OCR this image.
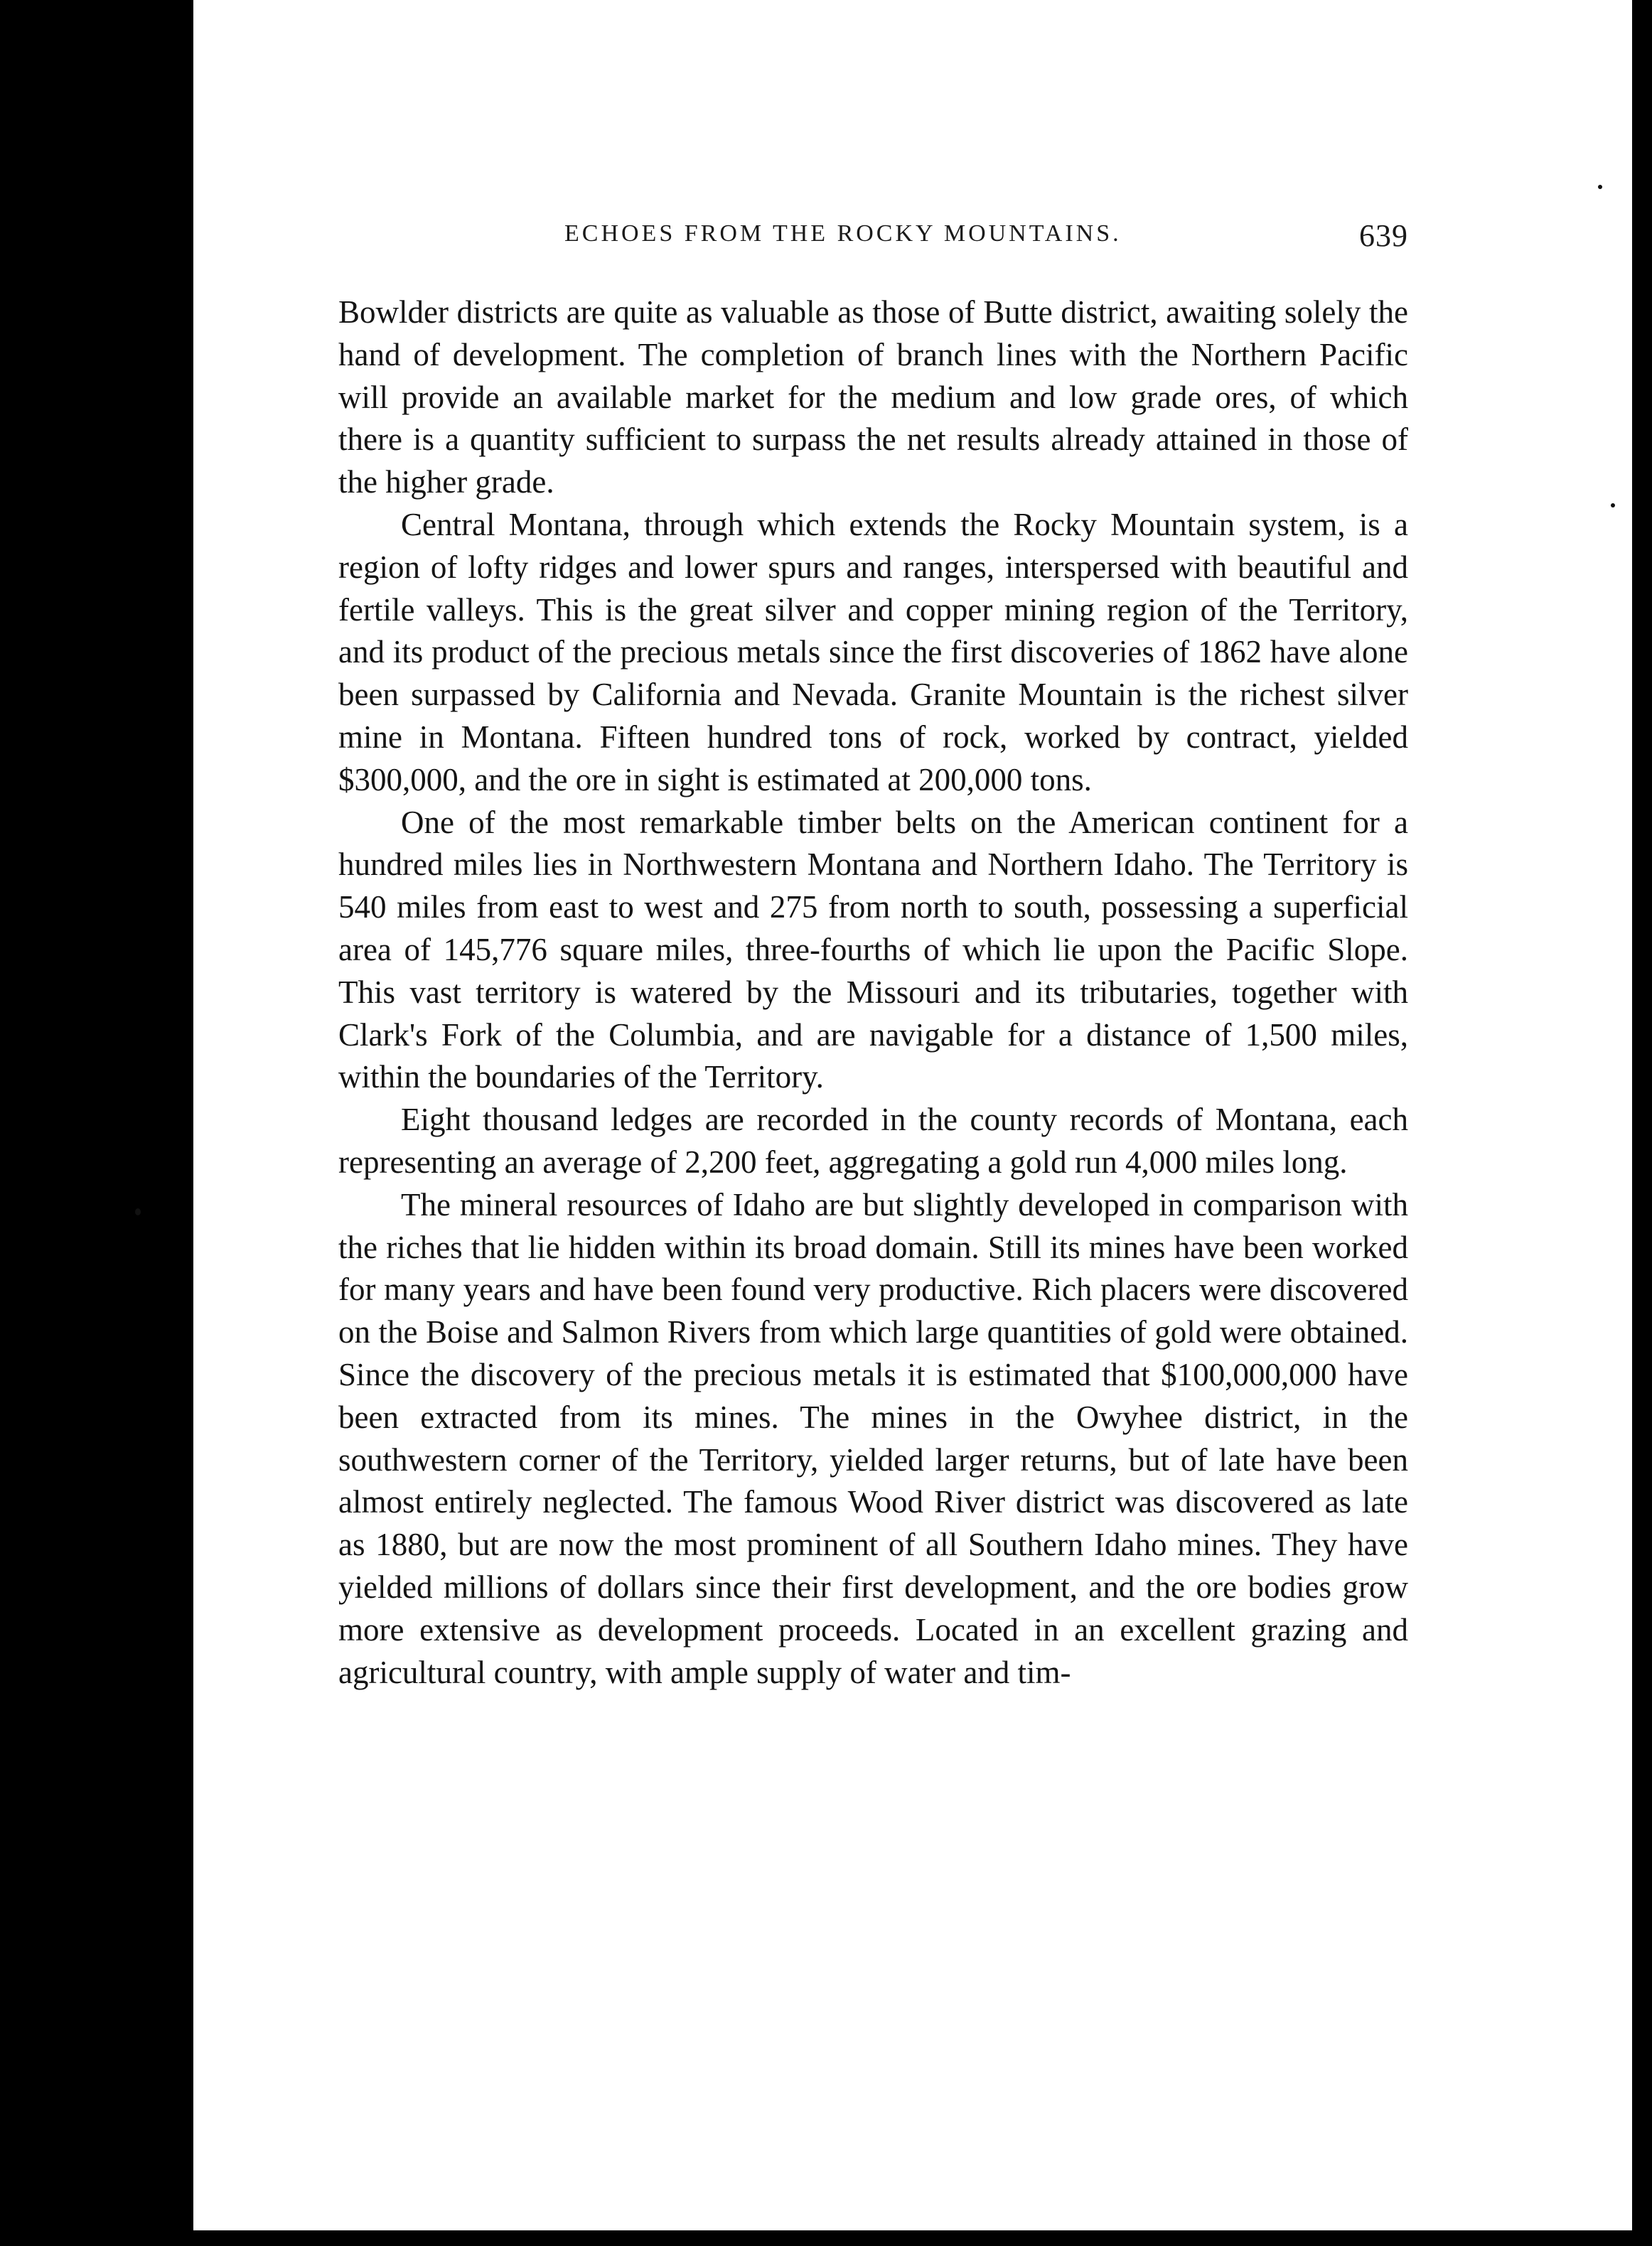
ECHOES FROM THE ROCKY MOUNTAINS.	639

Bowlder districts are quite as valuable as those of Butte district, awaiting solely the hand of development. The completion of branch lines with the Northern Pacific will provide an available market for the medium and low grade ores, of which there is a quantity sufficient to surpass the net results already attained in those of the higher grade.

Central Montana, through which extends the Rocky Mountain system, is a region of lofty ridges and lower spurs and ranges, interspersed with beautiful and fertile valleys. This is the great silver and copper mining region of the Territory, and its product of the precious metals since the first discoveries of 1862 have alone been surpassed by California and Nevada. Granite Mountain is the richest silver mine in Montana. Fifteen hundred tons of rock, worked by contract, yielded $300,000, and the ore in sight is estimated at 200,000 tons.

One of the most remarkable timber belts on the American continent for a hundred miles lies in Northwestern Montana and Northern Idaho. The Territory is 540 miles from east to west and 275 from north to south, possessing a superficial area of 145,776 square miles, three-fourths of which lie upon the Pacific Slope. This vast territory is watered by the Missouri and its tributaries, together with Clark's Fork of the Columbia, and are navigable for a distance of 1,500 miles, within the boundaries of the Territory.

Eight thousand ledges are recorded in the county records of Montana, each representing an average of 2,200 feet, aggregating a gold run 4,000 miles long.

The mineral resources of Idaho are but slightly developed in comparison with the riches that lie hidden within its broad domain. Still its mines have been worked for many years and have been found very productive. Rich placers were discovered on the Boise and Salmon Rivers from which large quantities of gold were obtained. Since the discovery of the precious metals it is estimated that $100,000,000 have been extracted from its mines. The mines in the Owyhee district, in the southwestern corner of the Territory, yielded larger returns, but of late have been almost entirely neglected. The famous Wood River district was discovered as late as 1880, but are now the most prominent of all Southern Idaho mines. They have yielded millions of dollars since their first development, and the ore bodies grow more extensive as development proceeds. Located in an excellent grazing and agricultural country, with ample supply of water and tim-
